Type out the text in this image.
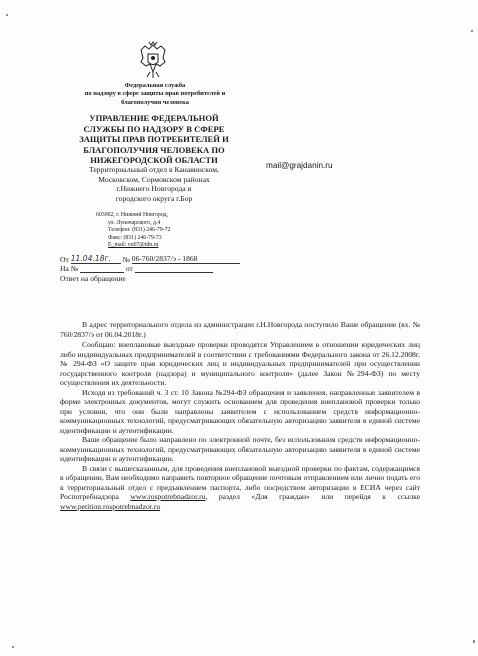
Федеральная служба
по надзору в сфере защиты прав потребителей и
благополучия человека
УПРАВЛЕНИЕ ФЕДЕРАЛЬНОЙ
СЛУЖБЫ ПО НАДЗОРУ В СФЕРЕ
ЗАЩИТЫ ПРАВ ПОТРЕБИТЕЛЕЙ И
БЛАГОПОЛУЧИЯ ЧЕЛОВЕКА ПО
НИЖЕГОРОДСКОЙ ОБЛАСТИ
Территориальный отдел в Канавинском,
Московском, Сормовском районах
г.Нижнего Новгорода и
городского округа г.Бор
603002, г. Нижний Новгород,
ул. Луначарского, д.4
Телефон: (831) 246-79-72
Факс: (831) 246-79-73
E_mail: yu07@tdn.ru
mail@grajdanin.ru
От 11.04.18г. № 06-760/2837/э - 1868
На №	от
Ответ на обращение

В адрес территориального отдела из администрации г.Н.Новгорода поступило Ваше обращение (вх. № 760/2837/э от 06.04.2018г.)

Сообщаю: внеплановые выездные проверки проводятся Управлением в отношении юридических лиц либо индивидуальных предпринимателей в соответствии с требованиями Федерального закона от 26.12.2008г. № 294-ФЗ «О защите прав юридических лиц и индивидуальных предпринимателей при осуществлении государственного контроля (надзора) и муниципального контроля» (далее Закон №294-ФЗ) по месту осуществления их деятельности.

Исходя из требований ч. 3 ст. 10 Закона №294-ФЗ обращения и заявления, направленные заявителем в форме электронных документов, могут служить основанием для проведения внеплановой проверки только при условии, что они были направлены заявителем с использованием средств информационно-коммуникационных технологий, предусматривающих обязательную авторизацию заявителя в единой системе идентификации и аутентификации.

Ваше обращение было направлено по электронной почте, без использования средств информационно-коммуникационных технологий, предусматривающих обязательную авторизацию заявителя в единой системе идентификации и аутентификации.

В связи с вышесказанным, для проведения внеплановой выездной проверки по фактам, содержащимся в обращении, Вам необходимо направить повторное обращение почтовым отправлением или лично подать его в территориальный отдел с предъявлением паспорта, либо посредством авторизации в ЕСИА через сайт Роспотребнадзора www.rospotrebnadzor.ru, раздел «Для граждан» или перейдя к ссылке www.petition.rospotrebnadzor.ru
